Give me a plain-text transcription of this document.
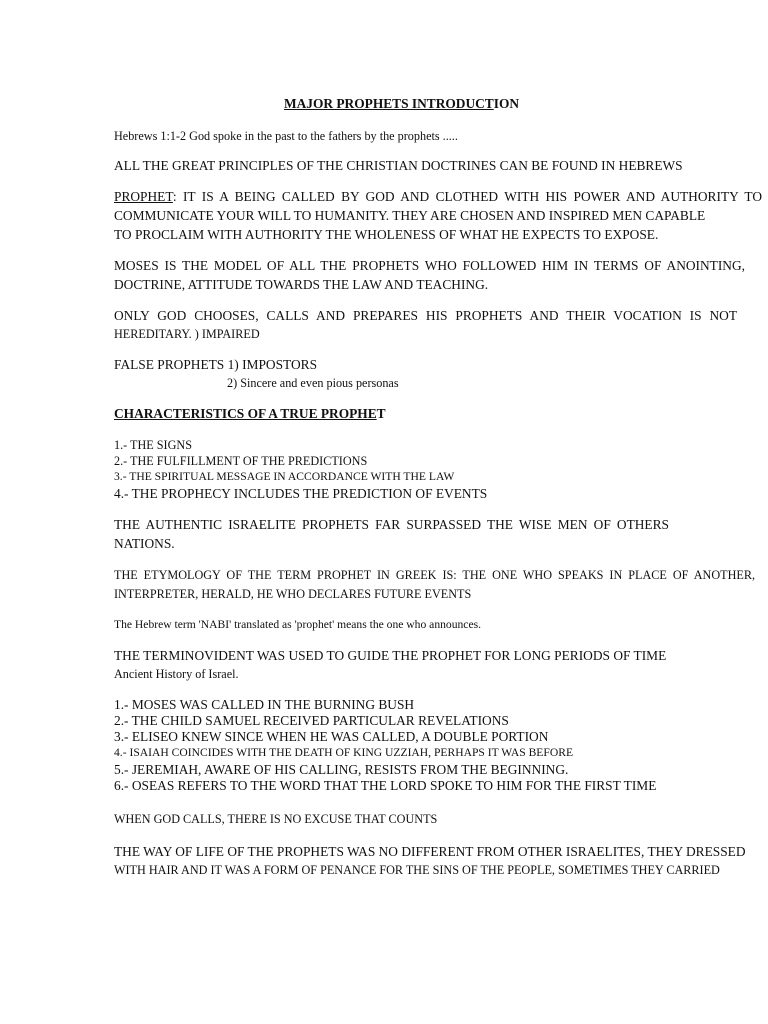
MAJOR PROPHETS INTRODUCTION
Hebrews 1:1-2 God spoke in the past to the fathers by the prophets .....
ALL THE GREAT PRINCIPLES OF THE CHRISTIAN DOCTRINES CAN BE FOUND IN HEBREWS
PROPHET: IT IS A BEING CALLED BY GOD AND CLOTHED WITH HIS POWER AND AUTHORITY TO
COMMUNICATE YOUR WILL TO HUMANITY. THEY ARE CHOSEN AND INSPIRED MEN CAPABLE
TO PROCLAIM WITH AUTHORITY THE WHOLENESS OF WHAT HE EXPECTS TO EXPOSE.
MOSES IS THE MODEL OF ALL THE PROPHETS WHO FOLLOWED HIM IN TERMS OF ANOINTING,
DOCTRINE, ATTITUDE TOWARDS THE LAW AND TEACHING.
ONLY GOD CHOOSES, CALLS AND PREPARES HIS PROPHETS AND THEIR VOCATION IS NOT
HEREDITARY. ) IMPAIRED
FALSE PROPHETS 1) IMPOSTORS
2) Sincere and even pious personas
CHARACTERISTICS OF A TRUE PROPHET
1.- THE SIGNS
2.- THE FULFILLMENT OF THE PREDICTIONS
3.- THE SPIRITUAL MESSAGE IN ACCORDANCE WITH THE LAW
4.- THE PROPHECY INCLUDES THE PREDICTION OF EVENTS
THE AUTHENTIC ISRAELITE PROPHETS FAR SURPASSED THE WISE MEN OF OTHERS
NATIONS.
THE ETYMOLOGY OF THE TERM PROPHET IN GREEK IS: THE ONE WHO SPEAKS IN PLACE OF ANOTHER,
INTERPRETER, HERALD, HE WHO DECLARES FUTURE EVENTS
The Hebrew term 'NABI' translated as 'prophet' means the one who announces.
THE TERMINOVIDENT WAS USED TO GUIDE THE PROPHET FOR LONG PERIODS OF TIME
Ancient History of Israel.
1.- MOSES WAS CALLED IN THE BURNING BUSH
2.- THE CHILD SAMUEL RECEIVED PARTICULAR REVELATIONS
3.- ELISEO KNEW SINCE WHEN HE WAS CALLED, A DOUBLE PORTION
4.- ISAIAH COINCIDES WITH THE DEATH OF KING UZZIAH, PERHAPS IT WAS BEFORE
5.- JEREMIAH, AWARE OF HIS CALLING, RESISTS FROM THE BEGINNING.
6.- OSEAS REFERS TO THE WORD THAT THE LORD SPOKE TO HIM FOR THE FIRST TIME
WHEN GOD CALLS, THERE IS NO EXCUSE THAT COUNTS
THE WAY OF LIFE OF THE PROPHETS WAS NO DIFFERENT FROM OTHER ISRAELITES, THEY DRESSED
WITH HAIR AND IT WAS A FORM OF PENANCE FOR THE SINS OF THE PEOPLE, SOMETIMES THEY CARRIED
